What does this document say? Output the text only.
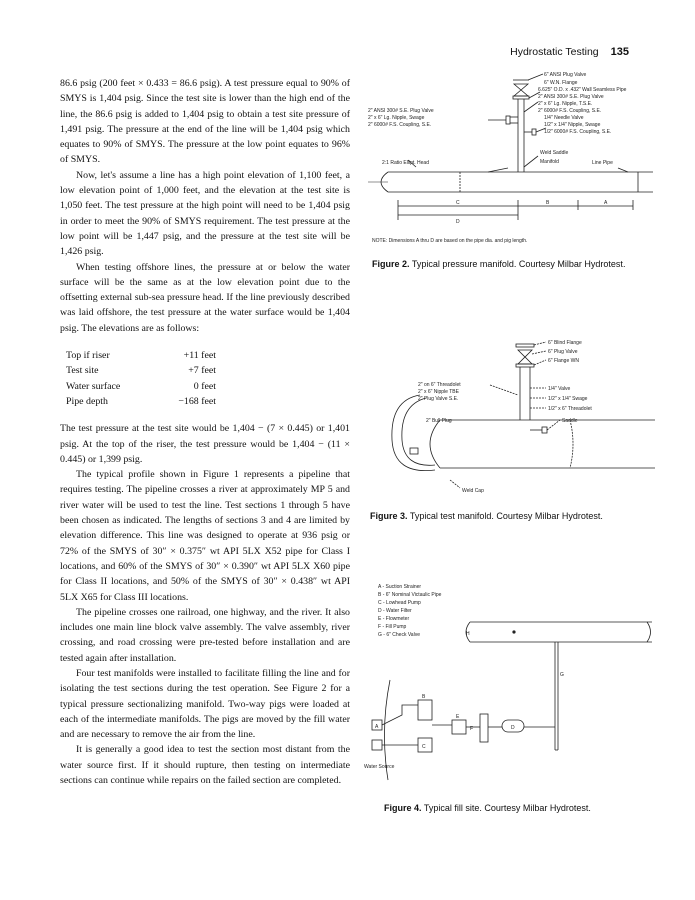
Hydrostatic Testing 135

86.6 psig (200 feet × 0.433 = 86.6 psig). A test pressure equal to 90% of SMYS is 1,404 psig. Since the test site is lower than the high end of the line, the 86.6 psig is added to 1,404 psig to obtain a test site pressure of 1,491 psig. The pressure at the end of the line will be 1,404 psig which equates to 90% of SMYS. The pressure at the low point equates to 96% of SMYS.

Now, let's assume a line has a high point elevation of 1,100 feet, a low elevation point of 1,000 feet, and the elevation at the test site is 1,050 feet. The test pressure at the high point will need to be 1,404 psig in order to meet the 90% of SMYS requirement. The test pressure at the low point will be 1,447 psig, and the pressure at the test site will be 1,426 psig.

When testing offshore lines, the pressure at or below the water surface will be the same as at the low elevation point due to the offsetting external sub-sea pressure head. If the line previously described was laid offshore, the test pressure at the water surface would be 1,404 psig. The elevations are as follows:

Top if riser	+11 feet
Test site	+7 feet
Water surface	0 feet
Pipe depth	−168 feet

The test pressure at the test site would be 1,404 − (7 × 0.445) or 1,401 psig. At the top of the riser, the test pressure would be 1,404 − (11 × 0.445) or 1,399 psig.

The typical profile shown in Figure 1 represents a pipeline that requires testing. The pipeline crosses a river at approximately MP 5 and river water will be used to test the line. Test sections 1 through 5 have been chosen as indicated. The lengths of sections 3 and 4 are limited by elevation difference. This line was designed to operate at 936 psig or 72% of the SMYS of 30″ × 0.375″ wt API 5LX X52 pipe for Class I locations, and 60% of the SMYS of 30″ × 0.390″ wt API 5LX X60 pipe for Class II locations, and 50% of the SMYS of 30″ × 0.438″ wt API 5LX X65 for Class III locations.

The pipeline crosses one railroad, one highway, and the river. It also includes one main line block valve assembly. The valve assembly, river crossing, and road crossing were pre-tested before installation and are tested again after installation.

Four test manifolds were installed to facilitate filling the line and for isolating the test sections during the test operation. See Figure 2 for a typical pressure sectionalizing manifold. Two-way pigs were loaded at each of the intermediate manifolds. The pigs are moved by the fill water and are necessary to remove the air from the line.

It is generally a good idea to test the section most distant from the water source first. If it should rupture, then testing on intermediate sections can continue while repairs on the failed section are completed.

6" ANSI Plug Valve
6" W.N. Flange
6.625" O.D. x .432" Wall Seamless Pipe
2" ANSI 300# S.E. Plug Valve
2" x 6" Lg. Nipple, T.S.E.
2" 6000# F.S. Coupling, S.E.
1/4" Needle Valve
1/2" x 1/4" Nipple, Swage
1/2" 6000# F.S. Coupling, S.E.
Weld Saddle
2" ANSI 300# S.E. Plug Valve
2" x 6" Lg. Nipple, Swage
2" 6000# F.S. Coupling, S.E.
2:1 Ratio Ellipt. Head	Manifold	Line Pipe
C	B	A
D
NOTE: Dimensions A thru D are based on the pipe dia. and pig length.
Figure 2. Typical pressure manifold. Courtesy Milbar Hydrotest.
6" Blind Flange
6" Plug Valve
6" Flange WN
1/4" Valve
1/2" x 1/4" Swage
1/2" x 6" Threadolet
Saddle
2" on 6" Threadolet
2" x 6" Nipple TBE
2" Plug Valve S.E.
2" Bull Plug
Weld Cap
Figure 3. Typical test manifold. Courtesy Milbar Hydrotest.
A - Suction Strainer
B - 6" Nominal Victaulic Pipe
C - Lowhead Pump
D - Water Filter
E - Flowmeter
F - Fill Pump
G - 6" Check Valve	H
A
B
C
D
E
F
G
Water Source
Figure 4. Typical fill site. Courtesy Milbar Hydrotest.
